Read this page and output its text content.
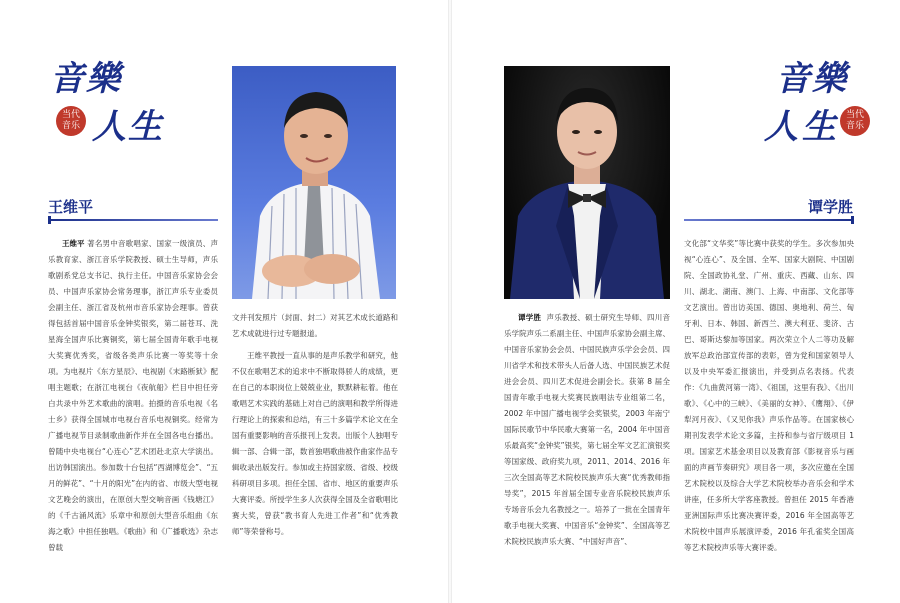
音 樂
当代音乐 人 生
王维平

王维平 著名男中音歌唱家、国家一级演员、声乐教育家、浙江音乐学院教授、硕士生导师，声乐歌剧系党总支书记、执行主任。中国音乐家协会会员、中国声乐家协会常务理事，浙江声乐专业委员会副主任、浙江省及杭州市音乐家协会理事。曾获得包括首届中国音乐金钟奖银奖，第二届苍耳、洗星海全国声乐比赛铜奖，第七届全国青年歌手电视大奖赛优秀奖，省级各类声乐比赛一等奖等十余项。为电视片《东方星辰》、电视剧《末路断狱》配唱主题歌；在浙江电视台《夜航船》栏目中担任旁白共录中外艺术歌曲的演唱。拍摄的音乐电视《名士乡》获得全国城市电视台音乐电视铜奖。经常为广播电视节目录制歌曲新作并在全国各电台播出。曾随中央电视台“心连心”艺术团赴北京大学演出。出访韩国演出。参加数十台包括“西湖博览会”、“五月的鲜花”、“十月的阳光”在内的省、市级大型电视文艺晚会的演出，在原创大型交响音画《钱塘江》的《千古涌风流》乐章中和原创大型音乐组曲《东海之歌》中担任独唱。《歌曲》和《广播歌选》杂志曾载

文并刊发照片（封面、封二）对其艺术成长道路和艺术成就进行过专题报道。

王维平教授一直从事的是声乐教学和研究，他不仅在歌唱艺术的追求中不断取得骄人的成绩，更在自己的本职岗位上兢兢业业，默默耕耘着。他在歌唱艺术实践的基础上对自己的演唱和教学所得进行理论上的探索和总结，有三十多篇学术论文在全国有重要影响的音乐报刊上发表。出版个人独唱专辑一部、合辑一部，数首独唱歌曲被作曲家作品专辑收录出版发行。参加或主持国家级、省级、校级科研项目多项。担任全国、省市、地区的重要声乐大赛评委。所授学生多人次获得全国及全省歌唱比赛大奖，曾获“教书育人先进工作者”和“优秀教师”等荣誉称号。

音 樂
人 生	当代音乐
谭学胜

谭学胜 声乐教授、硕士研究生导师、四川音乐学院声乐二系副主任、中国声乐家协会副主席、中国音乐家协会会员、中国民族声乐学会会员、四川省学术和技术带头人后备人选、中国民族艺术促进会会员、四川艺术促进会副会长。获第 8 届全国青年歌手电视大奖赛民族唱法专业组第二名，2002 年中国广播电视学会奖银奖，2003 年南宁国际民歌节中华民歌大赛第一名，2004 年中国音乐最高奖“金钟奖”银奖，第七届全军文艺汇演银奖等国家级、政府奖九项，2011、2014、2016 年三次全国高等艺术院校民族声乐大赛“优秀教师指导奖”，2015 年首届全国专业音乐院校民族声乐专场音乐会九名教授之一。培养了一批在全国青年歌手电视大奖赛、中国音乐“金钟奖”、全国高等艺术院校民族声乐大赛、“中国好声音”、

文化部“文华奖”等比赛中获奖的学生。多次参加央视“心连心”、及全国、全军、国家大剧院、中国剧院、全国政协礼堂、广州、重庆、西藏、山东、四川、湖北、湖南、澳门、上海、中南部、文化部等文艺演出。曾出访美国、德国、奥地利、荷兰、匈牙利、日本、韩国、新西兰、澳大利亚、斐济、古巴、哥斯达黎加等国家。两次荣立个人二等功及解放军总政治部宣传部的表彰，曾为党和国家领导人以及中央军委汇报演出，并受到点名表扬。代表作：《九曲黄河第一湾》、《祖国，这里有我》、《出川歌》、《心中的三峡》、《美丽的女神》、《鹰翔》、《伊犁河月夜》、《又见你我》声乐作品等。在国家核心期刊发表学术论文多篇，主持和参与省厅级项目 1 项。国家艺术基金项目以及教育部《影视音乐与画面的声画节奏研究》项目各一项，多次应邀在全国艺术院校以及综合大学艺术院校举办音乐会和学术讲座，任多所大学客座教授。曾担任 2015 年香港亚洲国际声乐比赛决赛评委，2016 年全国高等艺术院校中国声乐展演评委，2016 年孔雀奖全国高等艺术院校声乐等大赛评委。
